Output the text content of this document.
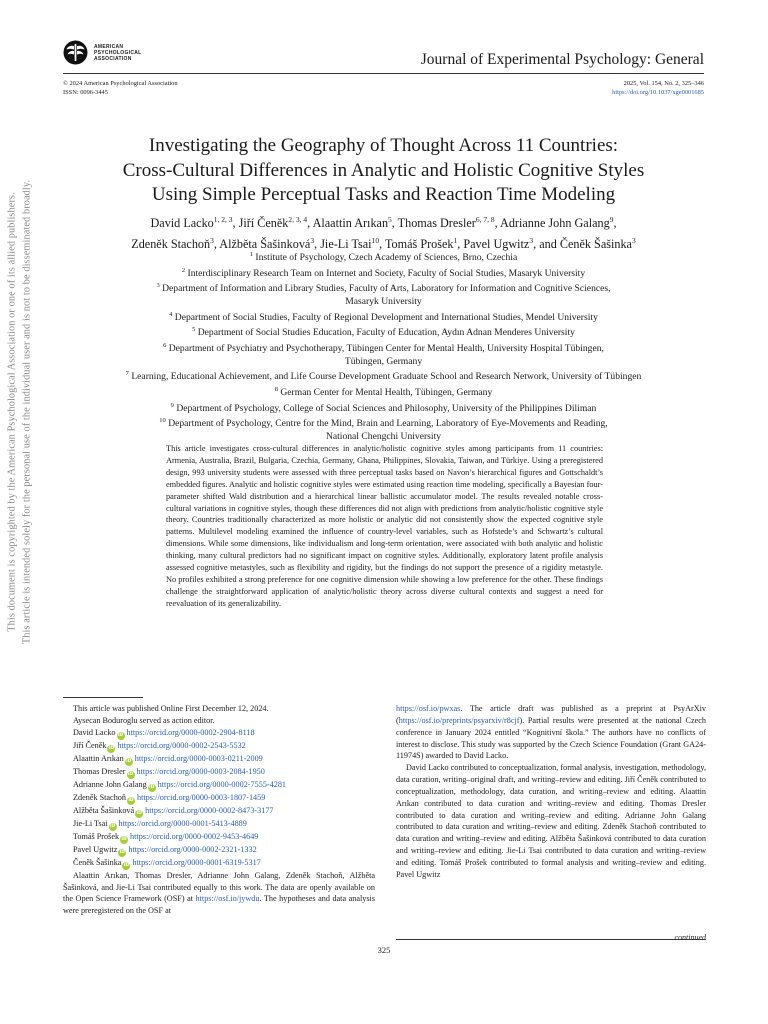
This document is copyrighted by the American Psychological Association or one of its allied publishers. This article is intended solely for the personal use of the individual user and is not to be disseminated broadly.
AMERICAN
PSYCHOLOGICAL
ASSOCIATION	Journal of Experimental Psychology: General
© 2024 American Psychological Association
ISSN: 0096-3445
2025, Vol. 154, No. 2, 325–346
https://doi.org/10.1037/xge0001685
Investigating the Geography of Thought Across 11 Countries:
Cross-Cultural Differences in Analytic and Holistic Cognitive Styles
Using Simple Perceptual Tasks and Reaction Time Modeling
David Lacko$^{1, 2, 3}$, Jiří Čeněk$^{2, 3, 4}$, Alaattin Arıkan$^5$, Thomas Dresler$^{6, 7, 8}$, Adrianne John Galang$^9$,
Zdeněk Stachoň$^3$, Alžběta Šašinková$^3$, Jie-Li Tsai$^{10}$, Tomáš Prošek$^1$, Pavel Ugwitz$^3$, and Čeněk Šašinka$^3$
$^1$ Institute of Psychology, Czech Academy of Sciences, Brno, Czechia
$^2$ Interdisciplinary Research Team on Internet and Society, Faculty of Social Studies, Masaryk University
$^3$ Department of Information and Library Studies, Faculty of Arts, Laboratory for Information and Cognitive Sciences,
Masaryk University
$^4$ Department of Social Studies, Faculty of Regional Development and International Studies, Mendel University
$^5$ Department of Social Studies Education, Faculty of Education, Aydın Adnan Menderes University
$^6$ Department of Psychiatry and Psychotherapy, Tübingen Center for Mental Health, University Hospital Tübingen,
Tübingen, Germany
$^7$ Learning, Educational Achievement, and Life Course Development Graduate School and Research Network, University of Tübingen
$^8$ German Center for Mental Health, Tübingen, Germany
$^9$ Department of Psychology, College of Social Sciences and Philosophy, University of the Philippines Diliman
$^{10}$ Department of Psychology, Centre for the Mind, Brain and Learning, Laboratory of Eye-Movements and Reading,
National Chengchi University
This article investigates cross-cultural differences in analytic/holistic cognitive styles among participants from 11 countries: Armenia, Australia, Brazil, Bulgaria, Czechia, Germany, Ghana, Philippines, Slovakia, Taiwan, and Türkiye. Using a preregistered design, 993 university students were assessed with three perceptual tasks based on Navon’s hierarchical figures and Gottschaldt’s embedded figures. Analytic and holistic cognitive styles were estimated using reaction time modeling, specifically a Bayesian four-parameter shifted Wald distribution and a hierarchical linear ballistic accumulator model. The results revealed notable cross-cultural variations in cognitive styles, though these differences did not align with predictions from analytic/holistic cognitive style theory. Countries traditionally characterized as more holistic or analytic did not consistently show the expected cognitive style patterns. Multilevel modeling examined the influence of country-level variables, such as Hofstede’s and Schwartz’s cultural dimensions. While some dimensions, like individualism and long-term orientation, were associated with both analytic and holistic thinking, many cultural predictors had no significant impact on cognitive styles. Additionally, exploratory latent profile analysis assessed cognitive metastyles, such as flexibility and rigidity, but the findings do not support the presence of a rigidity metastyle. No profiles exhibited a strong preference for one cognitive dimension while showing a low preference for the other. These findings challenge the straightforward application of analytic/holistic theory across diverse cultural contexts and suggest a need for reevaluation of its generalizability.
This article was published Online First December 12, 2024.
Aysecan Boduroglu served as action editor.
David Lacko iD https://orcid.org/0000-0002-2904-8118
Jiří Čeněk iD https://orcid.org/0000-0002-2543-5532
Alaattin Arıkan iD https://orcid.org/0000-0003-0211-2009
Thomas Dresler iD https://orcid.org/0000-0003-2084-1950
Adrianne John Galang iD https://orcid.org/0000-0002-7555-4281
Zdeněk Stachoň iD https://orcid.org/0000-0003-1807-1459
Alžběta Šašinková iD https://orcid.org/0000-0002-8473-3177
Jie-Li Tsai iD https://orcid.org/0000-0001-5413-4889
Tomáš Prošek iD https://orcid.org/0000-0002-9453-4649
Pavel Ugwitz iD https://orcid.org/0000-0002-2321-1332
Čeněk Šašinka iD https://orcid.org/0000-0001-6319-5317
Alaattin Arıkan, Thomas Dresler, Adrianne John Galang, Zdeněk Stachoň, Alžběta Šašinková, and Jie-Li Tsai contributed equally to this work. The data are openly available on the Open Science Framework (OSF) at https://osf.io/jywdu. The hypotheses and data analysis were preregistered on the OSF at
https://osf.io/pwxas. The article draft was published as a preprint at PsyArXiv (https://osf.io/preprints/psyarxiv/r8cjf). Partial results were presented at the national Czech conference in January 2024 entitled “Kognitivní škola.” The authors have no conflicts of interest to disclose. This study was supported by the Czech Science Foundation (Grant GA24-11974S) awarded to David Lacko.
David Lacko contributed to conceptualization, formal analysis, investigation, methodology, data curation, writing–original draft, and writing–review and editing. Jiří Čeněk contributed to conceptualization, methodology, data curation, and writing–review and editing. Alaattin Arıkan contributed to data curation and writing–review and editing. Thomas Dresler contributed to data curation and writing–review and editing. Adrianne John Galang contributed to data curation and writing–review and editing. Zdeněk Stachoň contributed to data curation and writing–review and editing. Alžběta Šašinková contributed to data curation and writing–review and editing. Jie-Li Tsai contributed to data curation and writing–review and editing. Tomáš Prošek contributed to formal analysis and writing–review and editing. Pavel Ugwitz
continued
325
